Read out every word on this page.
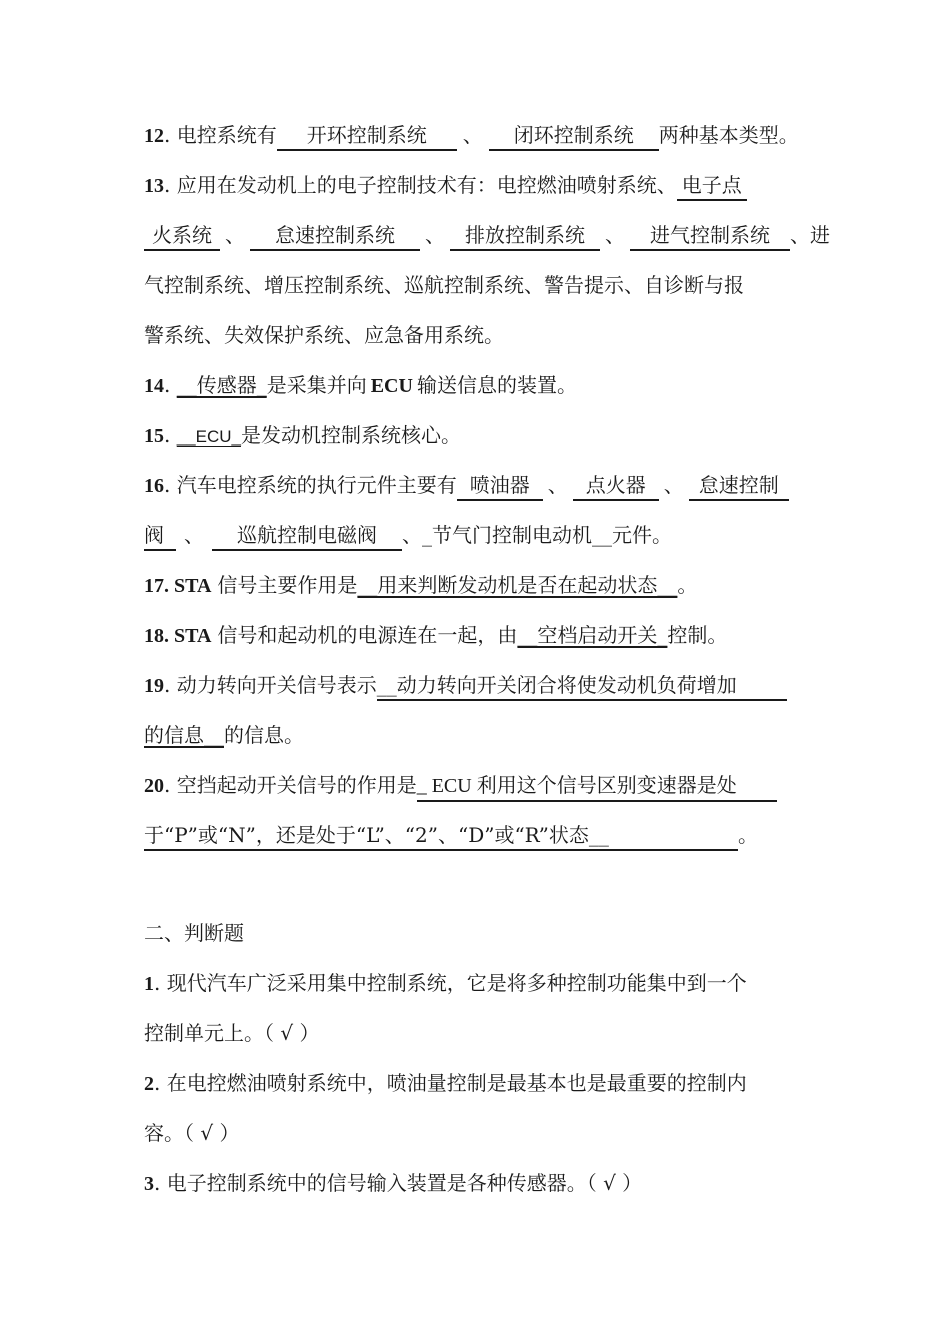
12. 电控系统有 开环控制系统 、 闭环控制系统 两种基本类型。
13. 应用在发动机上的电子控制技术有：电控燃油喷射系统、 电子点
火系统 、 怠速控制系统 、 排放控制系统 、 进气控制系统 、进
气控制系统、增压控制系统、巡航控制系统、警告提示、自诊断与报
警系统、失效保护系统、应急备用系统。
14. __传感器_是采集并向 ECU 输送信息的装置。
15. __ECU_是发动机控制系统核心。
16. 汽车电控系统的执行元件主要有 喷油器 、 点火器 、 怠速控制
阀 、 巡航控制电磁阀 、_节气门控制电动机__元件。
17. STA 信号主要作用是__用来判断发动机是否在起动状态__。
18. STA 信号和起动机的电源连在一起，由__空档启动开关_控制。
19. 动力转向开关信号表示__动力转向开关闭合将使发动机负荷增加
的信息__的信息。
20. 空挡起动开关信号的作用是_ ECU 利用这个信号区别变速器是处
于“P”或“N”，还是处于“L”、“2”、“D”或“R”状态__	。
二、判断题
1. 现代汽车广泛采用集中控制系统，它是将多种控制功能集中到一个
控制单元上。（ √ ）
2. 在电控燃油喷射系统中，喷油量控制是最基本也是最重要的控制内
容。（ √ ）
3. 电子控制系统中的信号输入装置是各种传感器。（ √ ）
